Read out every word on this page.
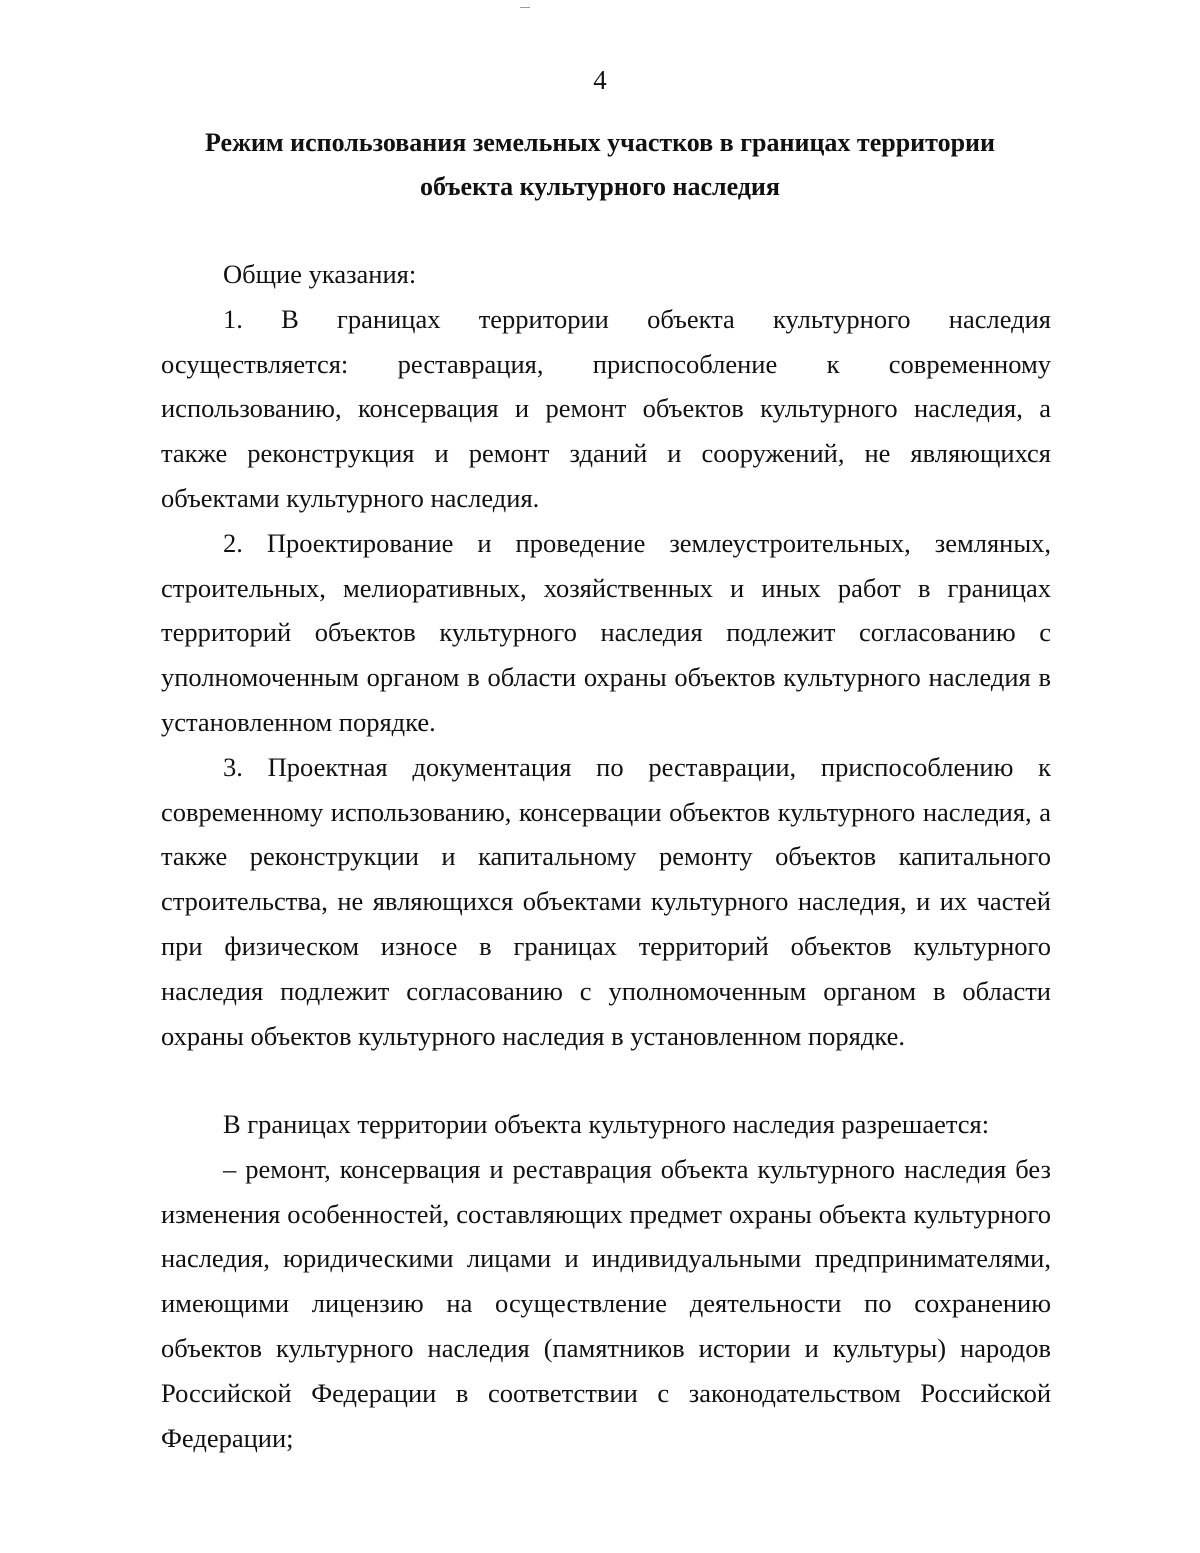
4
Режим использования земельных участков в границах территории
объекта культурного наследия

Общие указания:

1. В границах территории объекта культурного наследия осуществляется: реставрация, приспособление к современному использованию, консервация и ремонт объектов культурного наследия, а также реконструкция и ремонт зданий и сооружений, не являющихся объектами культурного наследия.

2. Проектирование и проведение землеустроительных, земляных, строительных, мелиоративных, хозяйственных и иных работ в границах территорий объектов культурного наследия подлежит согласованию с уполномоченным органом в области охраны объектов культурного наследия в установленном порядке.

3. Проектная документация по реставрации, приспособлению к современному использованию, консервации объектов культурного наследия, а также реконструкции и капитальному ремонту объектов капитального строительства, не являющихся объектами культурного наследия, и их частей при физическом износе в границах территорий объектов культурного наследия подлежит согласованию с уполномоченным органом в области охраны объектов культурного наследия в установленном порядке.

В границах территории объекта культурного наследия разрешается:

– ремонт, консервация и реставрация объекта культурного наследия без изменения особенностей, составляющих предмет охраны объекта культурного наследия, юридическими лицами и индивидуальными предпринимателями, имеющими лицензию на осуществление деятельности по сохранению объектов культурного наследия (памятников истории и культуры) народов Российской Федерации в соответствии с законодательством Российской Федерации;
